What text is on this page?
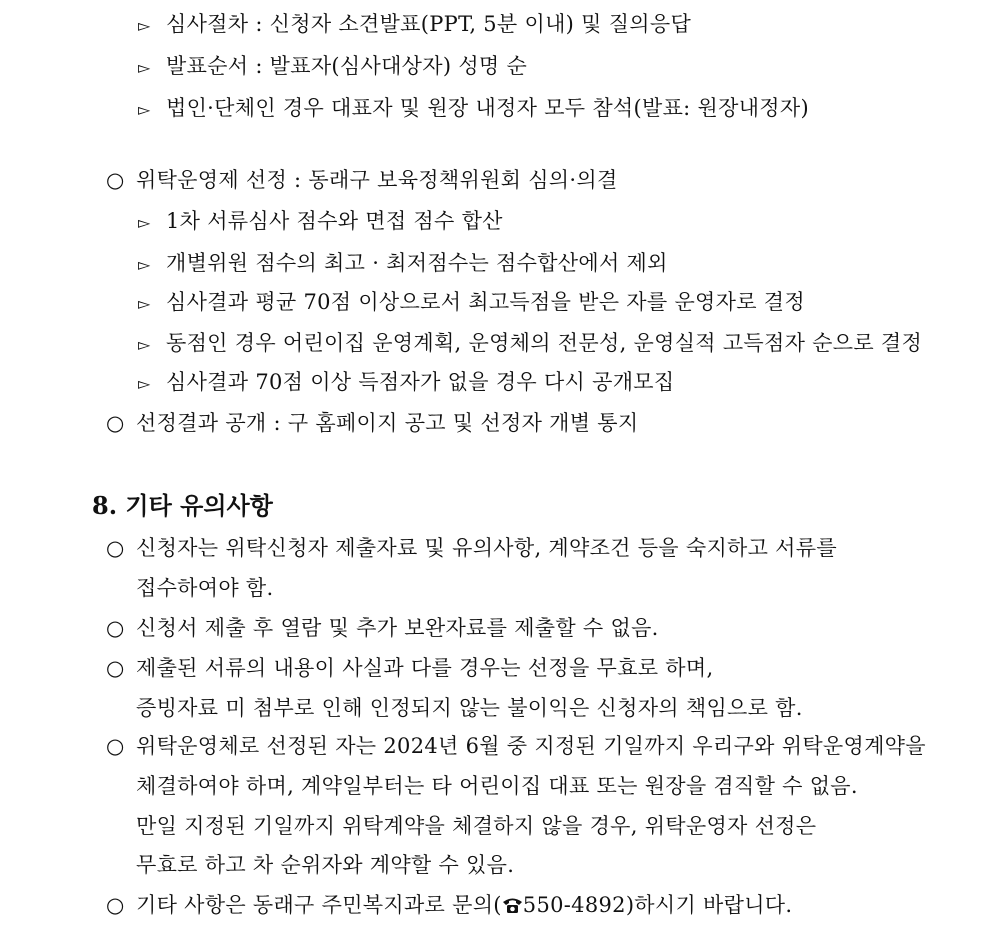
▻ 심사절차 : 신청자 소견발표(PPT, 5분 이내) 및 질의응답
▻ 발표순서 : 발표자(심사대상자) 성명 순
▻ 법인·단체인 경우 대표자 및 원장 내정자 모두 참석(발표: 원장내정자)
○ 위탁운영제 선정 : 동래구 보육정책위원회 심의·의결
▻ 1차 서류심사 점수와 면접 점수 합산
▻ 개별위원 점수의 최고 · 최저점수는 점수합산에서 제외
▻ 심사결과 평균 70점 이상으로서 최고득점을 받은 자를 운영자로 결정
▻ 동점인 경우 어린이집 운영계획, 운영체의 전문성, 운영실적 고득점자 순으로 결정
▻ 심사결과 70점 이상 득점자가 없을 경우 다시 공개모집
○ 선정결과 공개 : 구 홈페이지 공고 및 선정자 개별 통지
8. 기타 유의사항
○ 신청자는 위탁신청자 제출자료 및 유의사항, 계약조건 등을 숙지하고 서류를
접수하여야 함.
○ 신청서 제출 후 열람 및 추가 보완자료를 제출할 수 없음.
○ 제출된 서류의 내용이 사실과 다를 경우는 선정을 무효로 하며,
증빙자료 미 첨부로 인해 인정되지 않는 불이익은 신청자의 책임으로 함.
○ 위탁운영체로 선정된 자는 2024년 6월 중 지정된 기일까지 우리구와 위탁운영계약을
체결하여야 하며, 계약일부터는 타 어린이집 대표 또는 원장을 겸직할 수 없음.
만일 지정된 기일까지 위탁계약을 체결하지 않을 경우, 위탁운영자 선정은
무효로 하고 차 순위자와 계약할 수 있음.
○ 기타 사항은 동래구 주민복지과로 문의( 550-4892)하시기 바랍니다.
